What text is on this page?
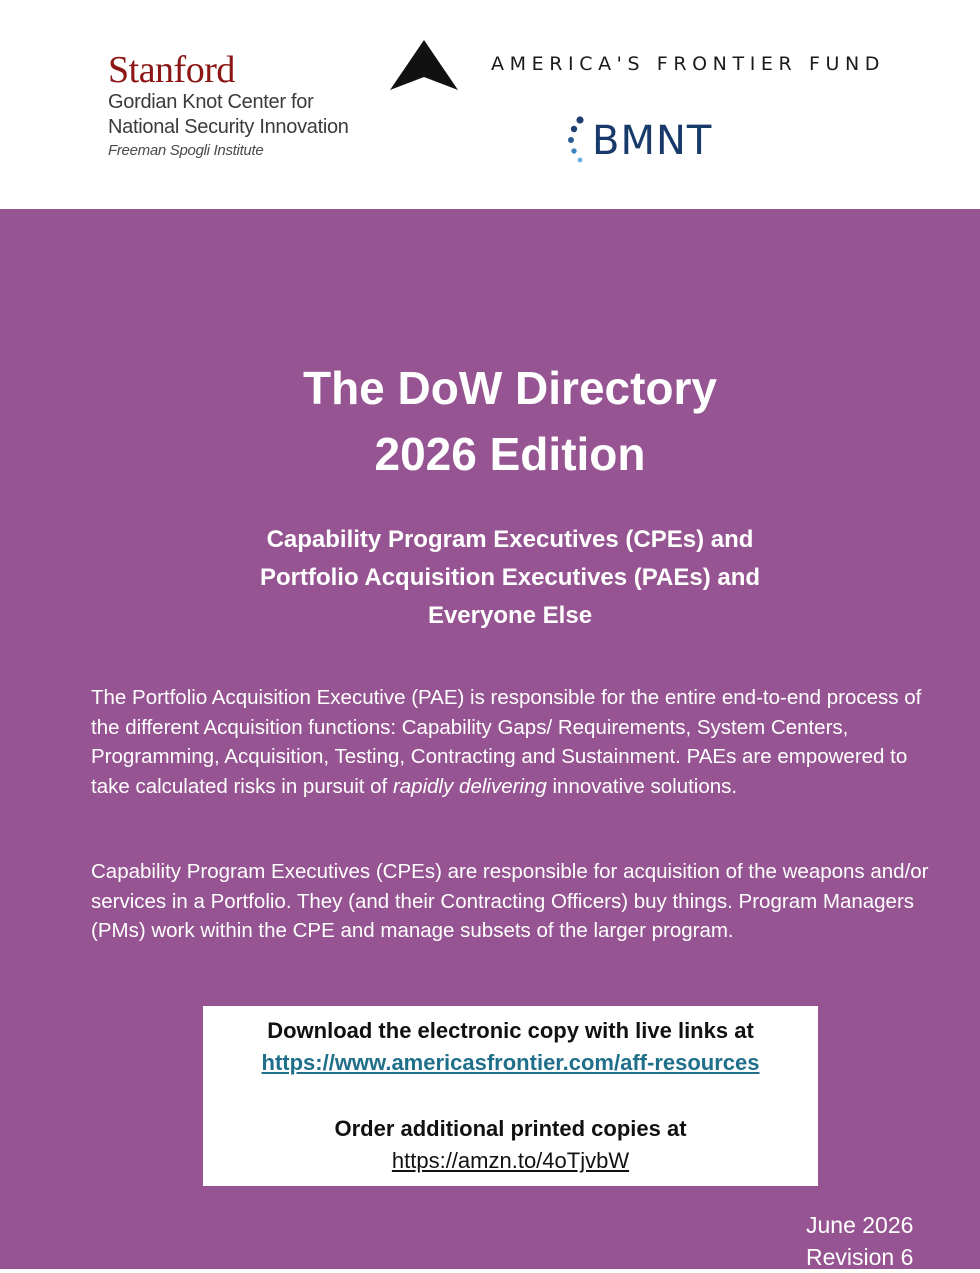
Stanford
Gordian Knot Center for
National Security Innovation
Freeman Spogli Institute
AMERICA'S FRONTIER FUND
BMNT
The DoW Directory
2026 Edition
Capability Program Executives (CPEs) and
Portfolio Acquisition Executives (PAEs) and
Everyone Else
The Portfolio Acquisition Executive (PAE) is responsible for the entire end-to-end process of the different Acquisition functions: Capability Gaps/ Requirements, System Centers, Programming, Acquisition, Testing, Contracting and Sustainment. PAEs are empowered to take calculated risks in pursuit of rapidly delivering innovative solutions.
Capability Program Executives (CPEs) are responsible for acquisition of the weapons and/or services in a Portfolio. They (and their Contracting Officers) buy things. Program Managers (PMs) work within the CPE and manage subsets of the larger program.
Download the electronic copy with live links at
https://www.americasfrontier.com/aff-resources
Order additional printed copies at
https://amzn.to/4oTjvbW
June 2026
Revision 6
